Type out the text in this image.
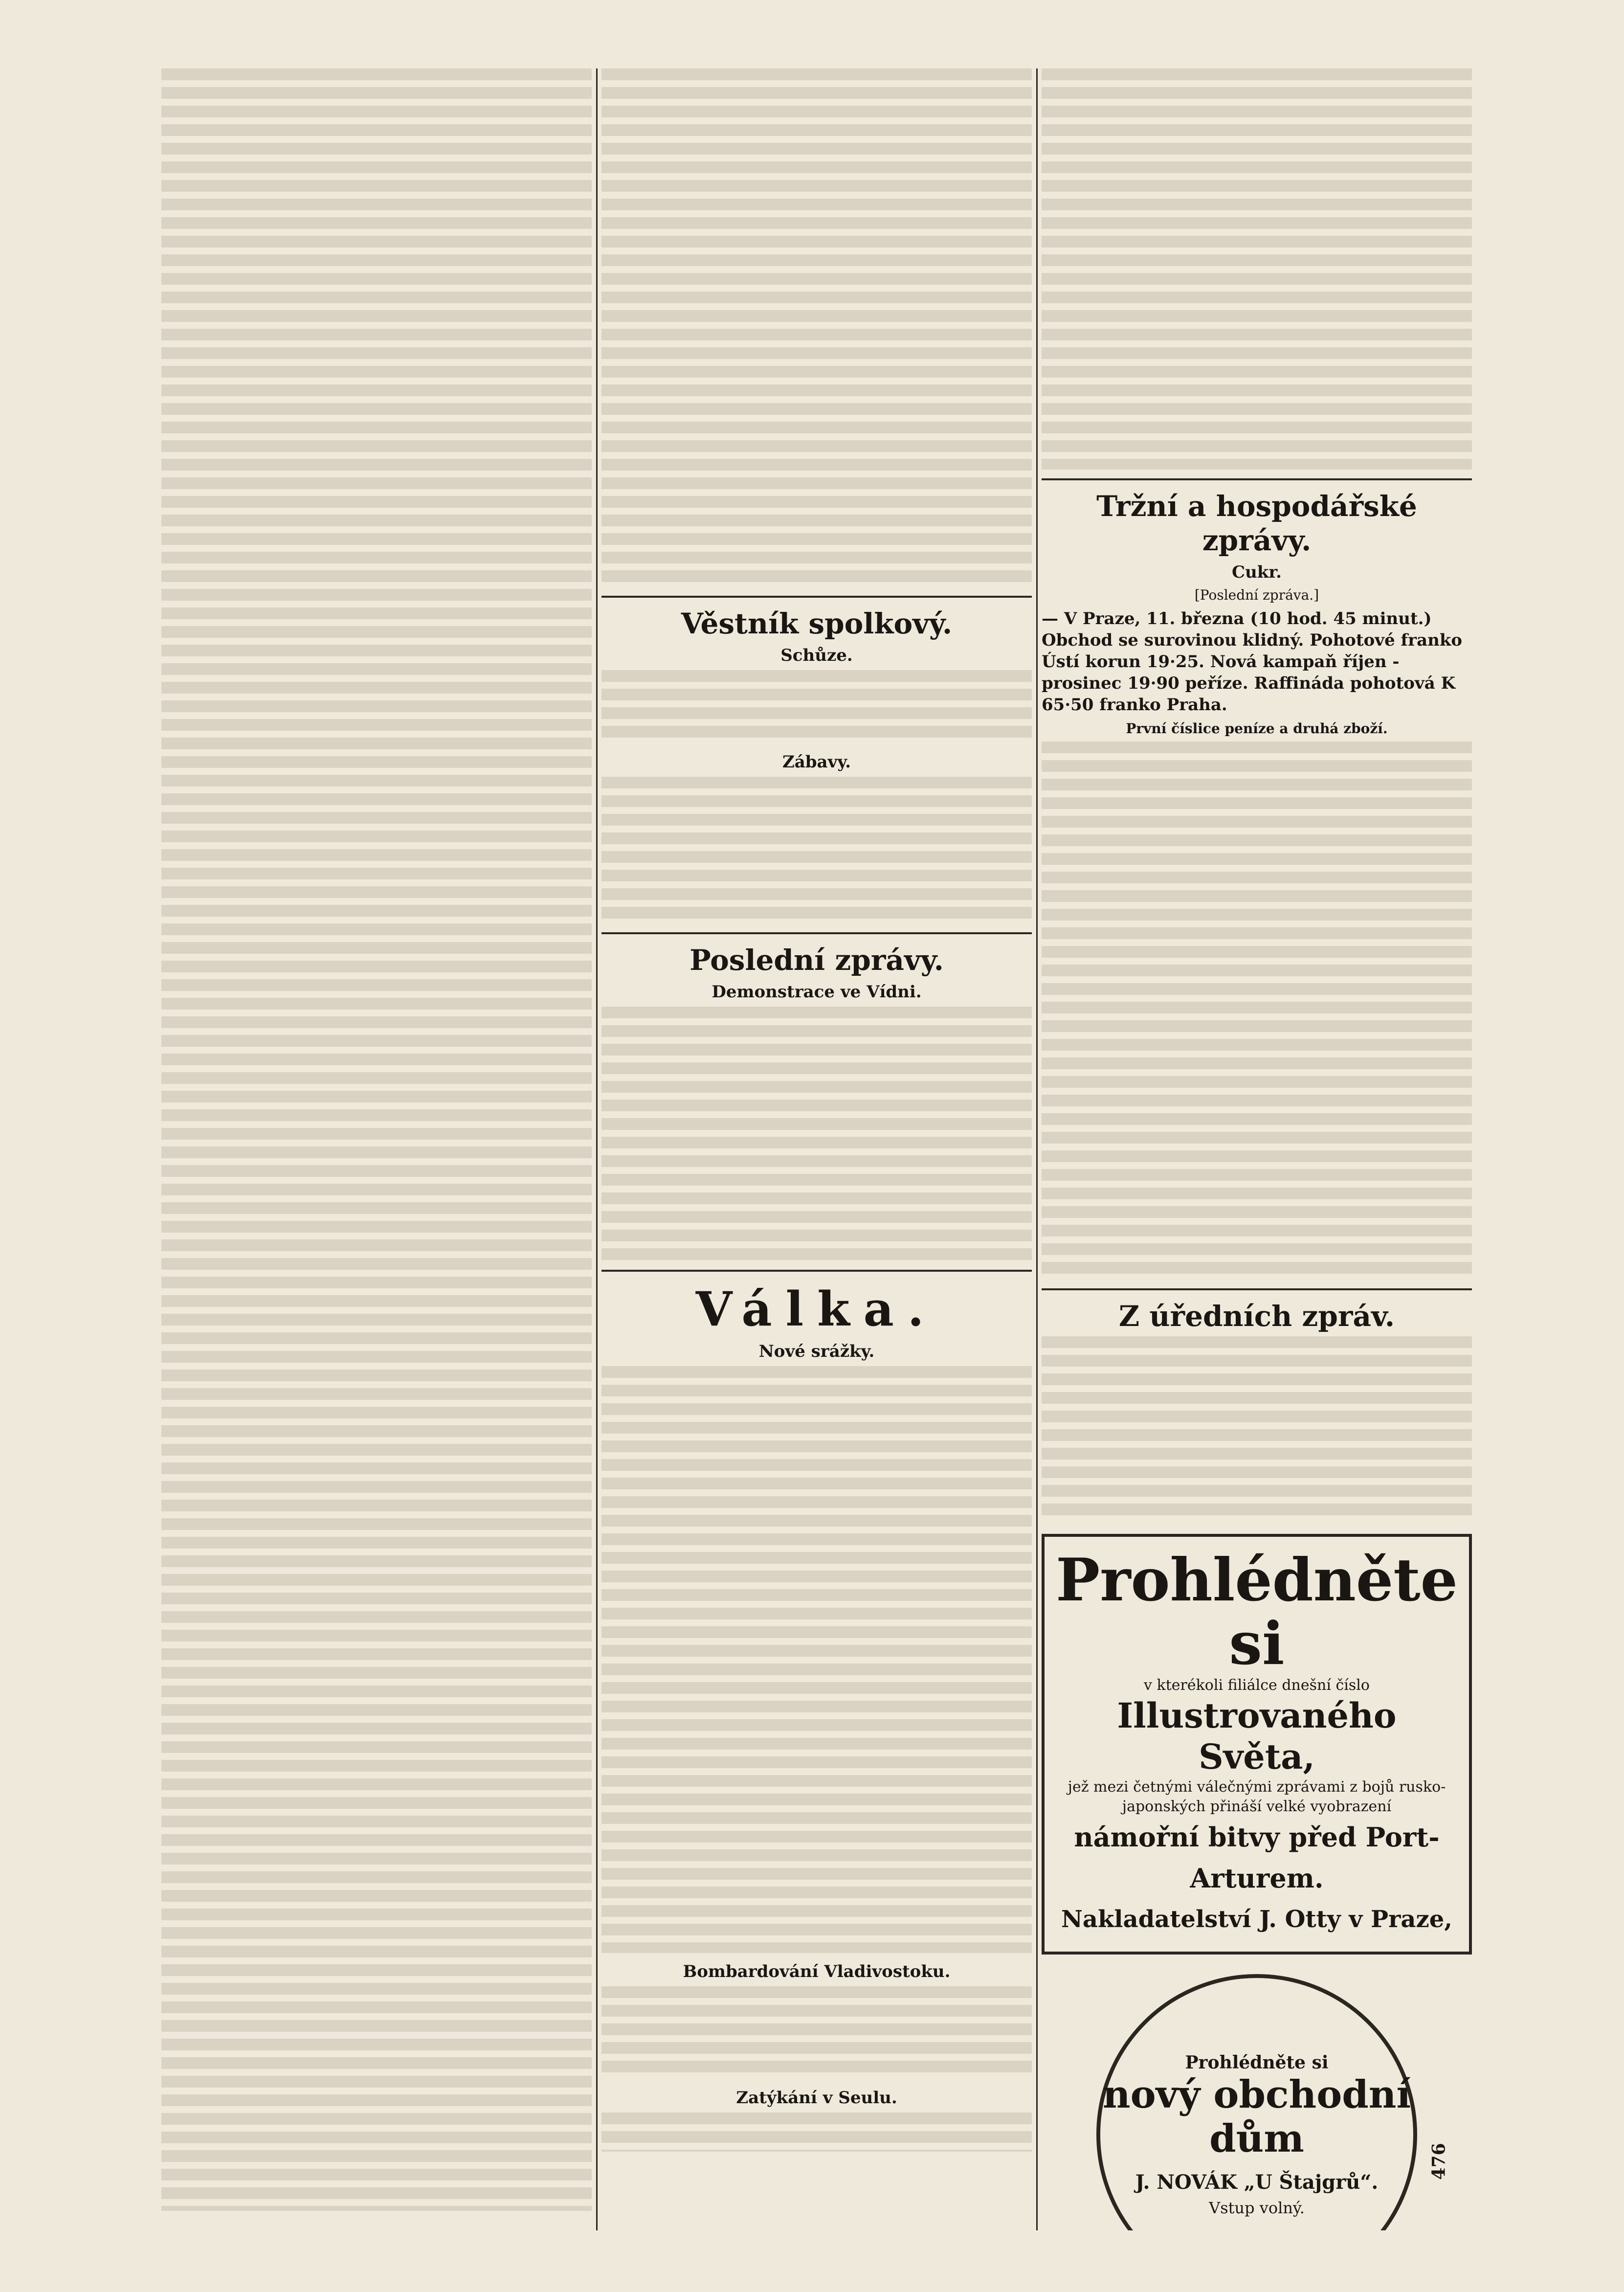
Věstník spolkový.
Schůze.
Zábavy.
Poslední zprávy.
Demonstrace ve Vídni.
Válka.
Nové srážky.
Bombardování Vladivostoku.
Zatýkání v Seulu.
Tržní a hospodářské zprávy.
Cukr.
[Poslední zpráva.]
— V Praze, 11. března (10 hod. 45 minut.) Obchod se surovinou klidný. Pohotové franko Ústí korun 19·25. Nová kampaň říjen - prosinec 19·90 peříze. Raffináda pohotová K 65·50 franko Praha.
První číslice peníze a druhá zboží.
Z úředních zpráv.
Prohlédněte si
v kterékoli filiálce dnešní číslo
Illustrovaného Světa,
jež mezi četnými válečnými zprávami z bojů rusko-japonských přináší velké vyobrazení
námořní bitvy před Port-Arturem.
Nakladatelství J. Otty v Praze,
Prohlédněte si
nový obchodní dům
J. NOVÁK „U Štajgrů“.
Vstup volný.
476
